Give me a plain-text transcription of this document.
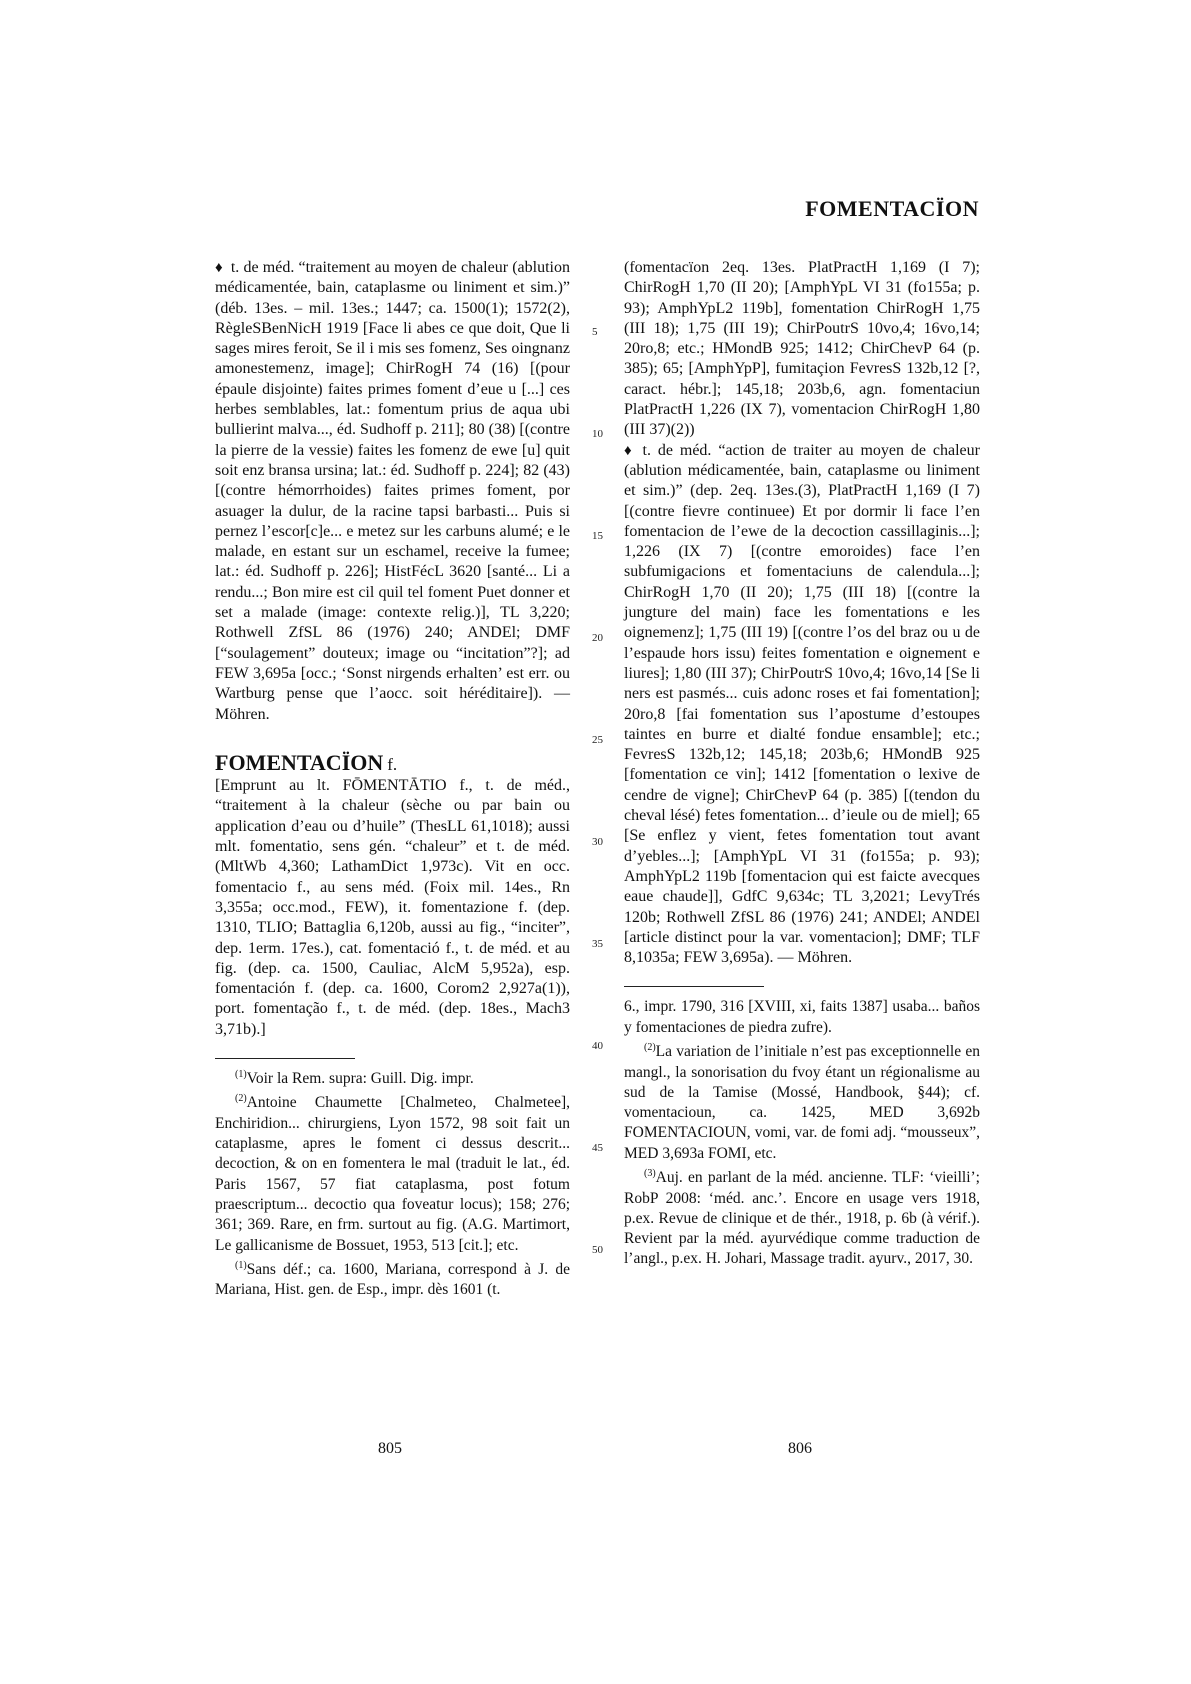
FOMENTACÏON

♦ t. de méd. “traitement au moyen de chaleur (ablution médicamentée, bain, cataplasme ou liniment et sim.)” (déb. 13es. – mil. 13es.; 1447; ca. 1500(1); 1572(2), RègleSBenNicH 1919 [Face li abes ce que doit, Que li sages mires feroit, Se il i mis ses fomenz, Ses oingnanz amonestemenz, image]; ChirRogH 74 (16) [(pour épaule disjointe) faites primes foment d’eue u [...] ces herbes semblables, lat.: fomentum prius de aqua ubi bullierint malva..., éd. Sudhoff p. 211]; 80 (38) [(contre la pierre de la vessie) faites les fomenz de ewe [u] quit soit enz bransa ursina; lat.: éd. Sudhoff p. 224]; 82 (43) [(contre hémorrhoides) faites primes foment, por asuager la dulur, de la racine tapsi barbasti... Puis si pernez l’escor[c]e... e metez sur les carbuns alumé; e le malade, en estant sur un eschamel, receive la fumee; lat.: éd. Sudhoff p. 226]; HistFécL 3620 [santé... Li a rendu...; Bon mire est cil quil tel foment Puet donner et set a malade (image: contexte relig.)], TL 3,220; Rothwell ZfSL 86 (1976) 240; ANDEl; DMF [“soulagement” douteux; image ou “incitation”?]; ad FEW 3,695a [occ.; ‘Sonst nirgends erhalten’ est err. ou Wartburg pense que l’aocc. soit héréditaire]). — Möhren.

FOMENTACÏON f.

[Emprunt au lt. FŌMENTĀTIO f., t. de méd., “traitement à la chaleur (sèche ou par bain ou application d’eau ou d’huile” (ThesLL 61,1018); aussi mlt. fomentatio, sens gén. “chaleur” et t. de méd. (MltWb 4,360; LathamDict 1,973c). Vit en occ. fomentacio f., au sens méd. (Foix mil. 14es., Rn 3,355a; occ.mod., FEW), it. fomentazione f. (dep. 1310, TLIO; Battaglia 6,120b, aussi au fig., “inciter”, dep. 1erm. 17es.), cat. fomentació f., t. de méd. et au fig. (dep. ca. 1500, Cauliac, AlcM 5,952a), esp. fomentación f. (dep. ca. 1600, Corom2 2,927a(1)), port. fomentação f., t. de méd. (dep. 18es., Mach3 3,71b).]

$^{(1)}$Voir la Rem. supra: Guill. Dig. impr.

$^{(2)}$Antoine Chaumette [Chalmeteo, Chalmetee], Enchiridion... chirurgiens, Lyon 1572, 98 soit fait un cataplasme, apres le foment ci dessus descrit... decoction, & on en fomentera le mal (traduit le lat., éd. Paris 1567, 57 fiat cataplasma, post fotum praescriptum... decoctio qua foveatur locus); 158; 276; 361; 369. Rare, en frm. surtout au fig. (A.G. Martimort, Le gallicanisme de Bossuet, 1953, 513 [cit.]; etc.

$^{(1)}$Sans déf.; ca. 1600, Mariana, correspond à J. de Mariana, Hist. gen. de Esp., impr. dès 1601 (t.

5
10
15
20
25
30
35
40
45
50

(fomentacïon 2eq. 13es. PlatPractH 1,169 (I 7); ChirRogH 1,70 (II 20); [AmphYpL VI 31 (fo155a; p. 93); AmphYpL2 119b], fomentation ChirRogH 1,75 (III 18); 1,75 (III 19); ChirPoutrS 10vo,4; 16vo,14; 20ro,8; etc.; HMondB 925; 1412; ChirChevP 64 (p. 385); 65; [AmphYpP], fumitaçion FevresS 132b,12 [?, caract. hébr.]; 145,18; 203b,6, agn. fomentaciun PlatPractH 1,226 (IX 7), vomentacion ChirRogH 1,80 (III 37)(2))

♦ t. de méd. “action de traiter au moyen de chaleur (ablution médicamentée, bain, cataplasme ou liniment et sim.)” (dep. 2eq. 13es.(3), PlatPractH 1,169 (I 7) [(contre fievre continuee) Et por dormir li face l’en fomentacion de l’ewe de la decoction cassillaginis...]; 1,226 (IX 7) [(contre emoroides) face l’en subfumigacions et fomentaciuns de calendula...]; ChirRogH 1,70 (II 20); 1,75 (III 18) [(contre la jungture del main) face les fomentations e les oignemenz]; 1,75 (III 19) [(contre l’os del braz ou u de l’espaude hors issu) feites fomentation e oignement e liures]; 1,80 (III 37); ChirPoutrS 10vo,4; 16vo,14 [Se li ners est pasmés... cuis adonc roses et fai fomentation]; 20ro,8 [fai fomentation sus l’apostume d’estoupes taintes en burre et dialté fondue ensamble]; etc.; FevresS 132b,12; 145,18; 203b,6; HMondB 925 [fomentation ce vin]; 1412 [fomentation o lexive de cendre de vigne]; ChirChevP 64 (p. 385) [(tendon du cheval lésé) fetes fomentation... d’ieule ou de miel]; 65 [Se enflez y vient, fetes fomentation tout avant d’yebles...]; [AmphYpL VI 31 (fo155a; p. 93); AmphYpL2 119b [fomentacion qui est faicte avecques eaue chaude]], GdfC 9,634c; TL 3,2021; LevyTrés 120b; Rothwell ZfSL 86 (1976) 241; ANDEl; ANDEl [article distinct pour la var. vomentacion]; DMF; TLF 8,1035a; FEW 3,695a). — Möhren.

6., impr. 1790, 316 [XVIII, xi, faits 1387] usaba... baños y fomentaciones de piedra zufre).

$^{(2)}$La variation de l’initiale n’est pas exceptionnelle en mangl., la sonorisation du fvoy étant un régionalisme au sud de la Tamise (Mossé, Handbook, §44); cf. vomentacioun, ca. 1425, MED 3,692b FOMENTACIOUN, vomi, var. de fomi adj. “mousseux”, MED 3,693a FOMI, etc.

$^{(3)}$Auj. en parlant de la méd. ancienne. TLF: ‘vieilli’; RobP 2008: ‘méd. anc.’. Encore en usage vers 1918, p.ex. Revue de clinique et de thér., 1918, p. 6b (à vérif.). Revient par la méd. ayurvédique comme traduction de l’angl., p.ex. H. Johari, Massage tradit. ayurv., 2017, 30.

805	806
